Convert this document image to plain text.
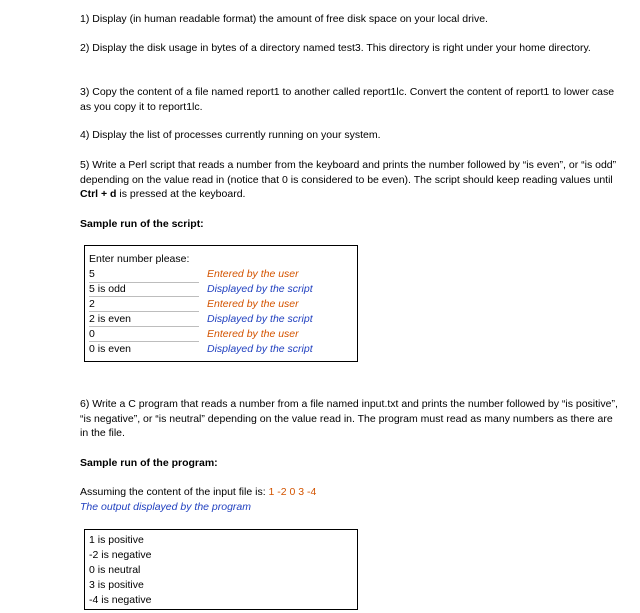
1) Display (in human readable format) the amount of free disk space on your local drive.
2) Display the disk usage in bytes of a directory named test3. This directory is right under your home directory.
3) Copy the content of a file named report1 to another called report1lc. Convert the content of report1 to lower case as you copy it to report1lc.
4) Display the list of processes currently running on your system.
5) Write a Perl script that reads a number from the keyboard and prints the number followed by “is even”, or “is odd” depending on the value read in (notice that 0 is considered to be even). The script should keep reading values until Ctrl + d is pressed at the keyboard.
Sample run of the script:
Enter number please:
5
5 is odd
2
2 is even
0
0 is even
Entered by the user
Displayed by the script
Entered by the user
Displayed by the script
Entered by the user
Displayed by the script
6) Write a C program that reads a number from a file named input.txt and prints the number followed by “is positive”, “is negative”, or “is neutral” depending on the value read in. The program must read as many numbers as there are in the file.
Sample run of the program:
Assuming the content of the input file is: 1 -2 0 3 -4
The output displayed by the program
1 is positive
-2 is negative
0 is neutral
3 is positive
-4 is negative
